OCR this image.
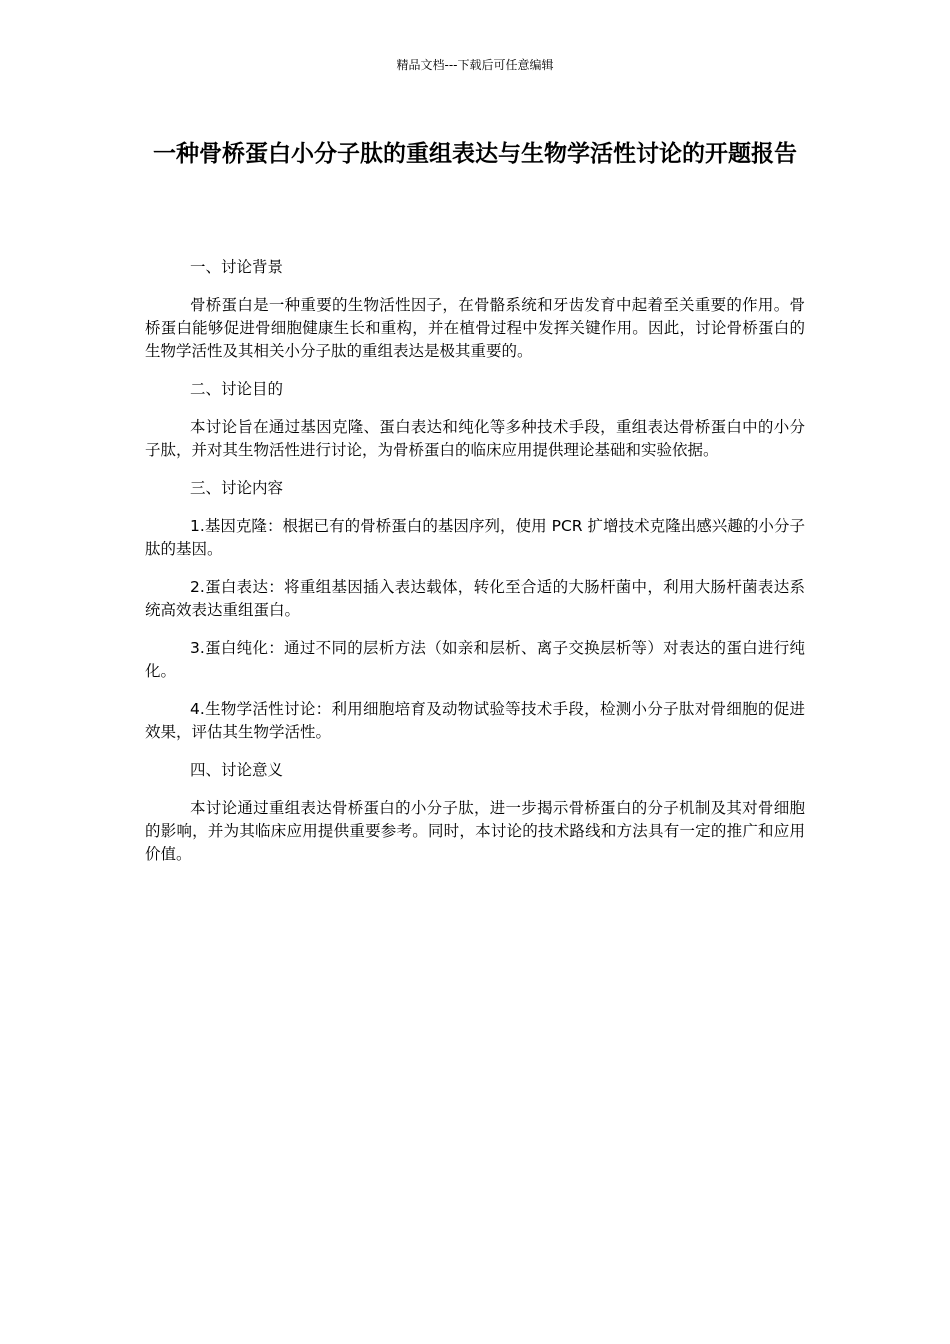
精品文档---下载后可任意编辑
一种骨桥蛋白小分子肽的重组表达与生物学活性讨论的开题报告

一、讨论背景

骨桥蛋白是一种重要的生物活性因子，在骨骼系统和牙齿发育中起着至关重要的作用。骨桥蛋白能够促进骨细胞健康生长和重构，并在植骨过程中发挥关键作用。因此，讨论骨桥蛋白的生物学活性及其相关小分子肽的重组表达是极其重要的。

二、讨论目的

本讨论旨在通过基因克隆、蛋白表达和纯化等多种技术手段，重组表达骨桥蛋白中的小分子肽，并对其生物活性进行讨论，为骨桥蛋白的临床应用提供理论基础和实验依据。

三、讨论内容

1.基因克隆：根据已有的骨桥蛋白的基因序列，使用 PCR 扩增技术克隆出感兴趣的小分子肽的基因。

2.蛋白表达：将重组基因插入表达载体，转化至合适的大肠杆菌中，利用大肠杆菌表达系统高效表达重组蛋白。

3.蛋白纯化：通过不同的层析方法（如亲和层析、离子交换层析等）对表达的蛋白进行纯化。

4.生物学活性讨论：利用细胞培育及动物试验等技术手段，检测小分子肽对骨细胞的促进效果，评估其生物学活性。

四、讨论意义

本讨论通过重组表达骨桥蛋白的小分子肽，进一步揭示骨桥蛋白的分子机制及其对骨细胞的影响，并为其临床应用提供重要参考。同时，本讨论的技术路线和方法具有一定的推广和应用价值。
